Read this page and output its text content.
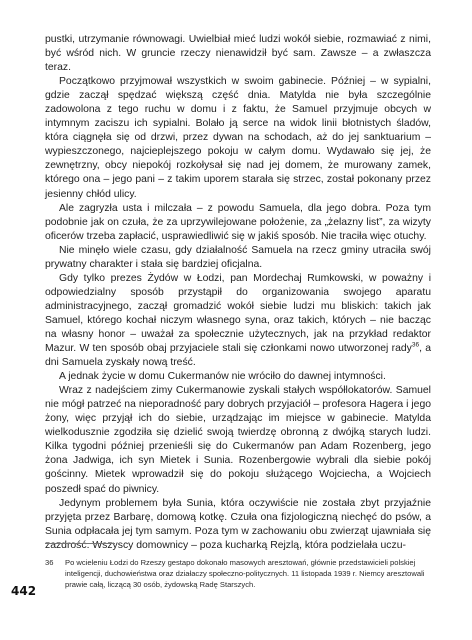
pustki, utrzymanie równowagi. Uwielbiał mieć ludzi wokół siebie, rozmawiać z nimi, być wśród nich. W gruncie rzeczy nienawidził być sam. Zawsze – a zwłaszcza teraz.

Początkowo przyjmował wszystkich w swoim gabinecie. Później – w sypialni, gdzie zaczął spędzać większą część dnia. Matylda nie była szczególnie zadowolona z tego ruchu w domu i z faktu, że Samuel przyjmuje obcych w intymnym zaciszu ich sypialni. Bolało ją serce na widok linii błotnistych śladów, która ciągnęła się od drzwi, przez dywan na schodach, aż do jej sanktuarium – wypieszczonego, najcieplejszego pokoju w całym domu. Wydawało się jej, że zewnętrzny, obcy niepokój rozkołysał się nad jej domem, że murowany zamek, którego ona – jego pani – z takim uporem starała się strzec, został pokonany przez jesienny chłód ulicy.

Ale zagryzła usta i milczała – z powodu Samuela, dla jego dobra. Poza tym podobnie jak on czuła, że za uprzywilejowane położenie, za „żelazny list”, za wizyty oficerów trzeba zapłacić, usprawiedliwić się w jakiś sposób. Nie traciła więc otuchy.

Nie minęło wiele czasu, gdy działalność Samuela na rzecz gminy utraciła swój prywatny charakter i stała się bardziej oficjalna.

Gdy tylko prezes Żydów w Łodzi, pan Mordechaj Rumkowski, w poważny i odpowiedzialny sposób przystąpił do organizowania swojego aparatu administracyjnego, zaczął gromadzić wokół siebie ludzi mu bliskich: takich jak Samuel, którego kochał niczym własnego syna, oraz takich, których – nie bacząc na własny honor – uważał za społecznie użytecznych, jak na przykład redaktor Mazur. W ten sposób obaj przyjaciele stali się członkami nowo utworzonej rady$^{36}$, a dni Samuela zyskały nową treść.

A jednak życie w domu Cukermanów nie wróciło do dawnej intymności.

Wraz z nadejściem zimy Cukermanowie zyskali stałych współlokatorów. Samuel nie mógł patrzeć na nieporadność pary dobrych przyjaciół – profesora Hagera i jego żony, więc przyjął ich do siebie, urządzając im miejsce w gabinecie. Matylda wielkodusznie zgodziła się dzielić swoją twierdzę obronną z dwójką starych ludzi. Kilka tygodni później przenieśli się do Cukermanów pan Adam Rozenberg, jego żona Jadwiga, ich syn Mietek i Sunia. Rozenbergowie wybrali dla siebie pokój gościnny. Mietek wprowadził się do pokoju służącego Wojciecha, a Wojciech poszedł spać do piwnicy.

Jedynym problemem była Sunia, która oczywiście nie została zbyt przyjaźnie przyjęta przez Barbarę, domową kotkę. Czuła ona fizjologiczną niechęć do psów, a Sunia odpłacała jej tym samym. Poza tym w zachowaniu obu zwierząt ujawniała się zazdrość. Wszyscy domownicy – poza kucharką Rejzlą, która podzielała uczu-

36 Po wcieleniu Łodzi do Rzeszy gestapo dokonało masowych aresztowań, głównie przedstawicieli polskiej inteligencji, duchowieństwa oraz działaczy społeczno-politycznych. 11 listopada 1939 r. Niemcy aresztowali prawie całą, liczącą 30 osób, żydowską Radę Starszych.
442
